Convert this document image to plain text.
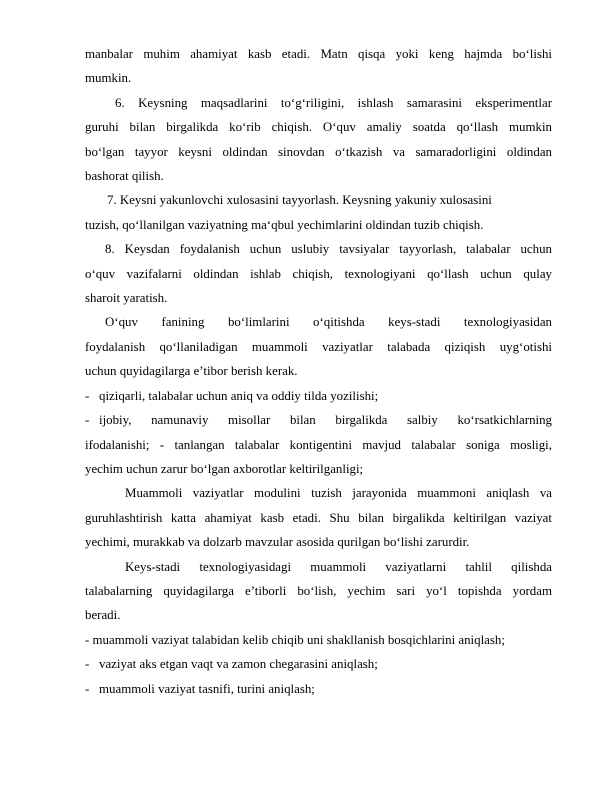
manbalar muhim ahamiyat kasb etadi. Matn qisqa yoki keng hajmda bo‘lishi

mumkin.

6. Keysning maqsadlarini to‘g‘riligini, ishlash samarasini eksperimentlar

guruhi bilan birgalikda ko‘rib chiqish. O‘quv amaliy soatda qo‘llash mumkin

bo‘lgan tayyor keysni oldindan sinovdan o‘tkazish va samaradorligini oldindan

bashorat qilish.

7. Keysni yakunlovchi xulosasini tayyorlash. Keysning yakuniy xulosasini

tuzish, qo‘llanilgan vaziyatning ma‘qbul yechimlarini oldindan tuzib chiqish.

8. Keysdan foydalanish uchun uslubiy tavsiyalar tayyorlash, talabalar uchun

o‘quv vazifalarni oldindan ishlab chiqish, texnologiyani qo‘llash uchun qulay

sharoit yaratish.

O‘quv fanining bo‘limlarini o‘qitishda keys-stadi texnologiyasidan

foydalanish qo‘llaniladigan muammoli vaziyatlar talabada qiziqish uyg‘otishi

uchun quyidagilarga e’tibor berish kerak.

- qiziqarli, talabalar uchun aniq va oddiy tilda yozilishi;
- ijobiy, namunaviy misollar bilan birgalikda salbiy ko‘rsatkichlarning

ifodalanishi; - tanlangan talabalar kontigentini mavjud talabalar soniga mosligi,

yechim uchun zarur bo‘lgan axborotlar keltirilganligi;

Muammoli vaziyatlar modulini tuzish jarayonida muammoni aniqlash va

guruhlashtirish katta ahamiyat kasb etadi. Shu bilan birgalikda keltirilgan vaziyat

yechimi, murakkab va dolzarb mavzular asosida qurilgan bo‘lishi zarurdir.

Keys-stadi texnologiyasidagi muammoli vaziyatlarni tahlil qilishda

talabalarning quyidagilarga e’tiborli bo‘lish, yechim sari yo‘l topishda yordam

beradi.

- muammoli vaziyat talabidan kelib chiqib uni shakllanish bosqichlarini aniqlash;

- vaziyat aks etgan vaqt va zamon chegarasini aniqlash;
- muammoli vaziyat tasnifi, turini aniqlash;
